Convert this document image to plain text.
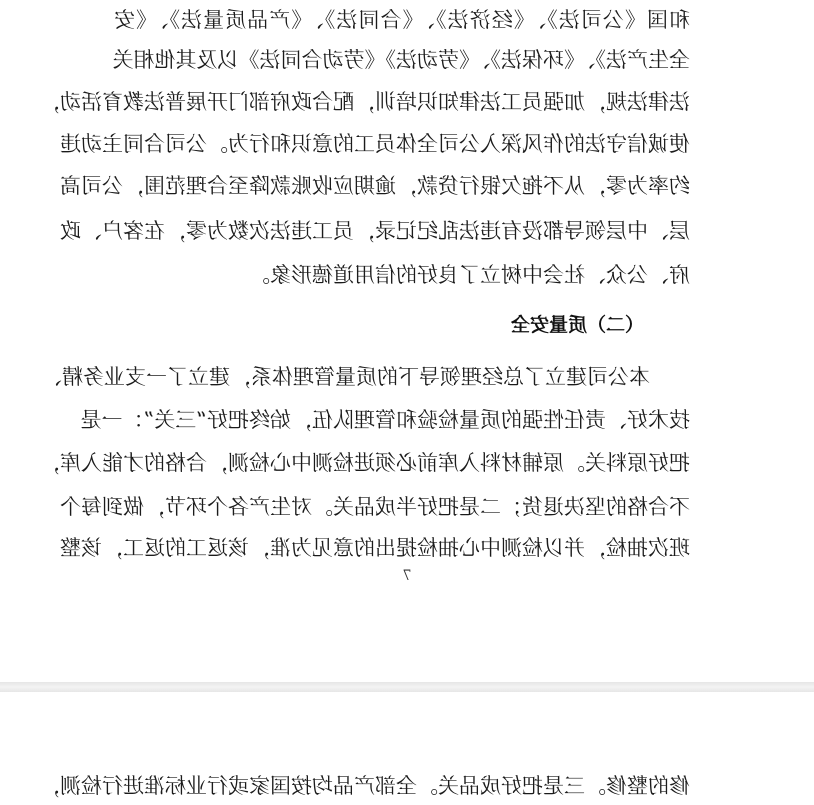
和国《公司法》、《经济法》、《合同法》、《产品质量法》、《安
全生产法》、《环保法》、《劳动法》《劳动合同法》以及其他相关
法律法规，加强员工法律知识培训，配合政府部门开展普法教育活动，
使诚信守法的作风深入公司全体员工的意识和行为。公司合同主动违
约率为零，从不拖欠银行贷款，逾期应收账款降至合理范围，公司高
层、中层领导都没有违法乱纪记录，员工违法次数为零，在客户、政
府、公众、社会中树立了良好的信用道德形象。
（二）质量安全
本公司建立了总经理领导下的质量管理体系，建立了一支业务精、
技术好、责任性强的质量检验和管理队伍，始终把好“三关”：一是
把好原料关。原辅材料入库前必须进检测中心检测，合格的才能入库，
不合格的坚决退货；二是把好半成品关。对生产各个环节，做到每个
班次抽检，并以检测中心抽检提出的意见为准，该返工的返工，该整
7
修的整修。三是把好成品关。全部产品均按国家或行业标准进行检测，
